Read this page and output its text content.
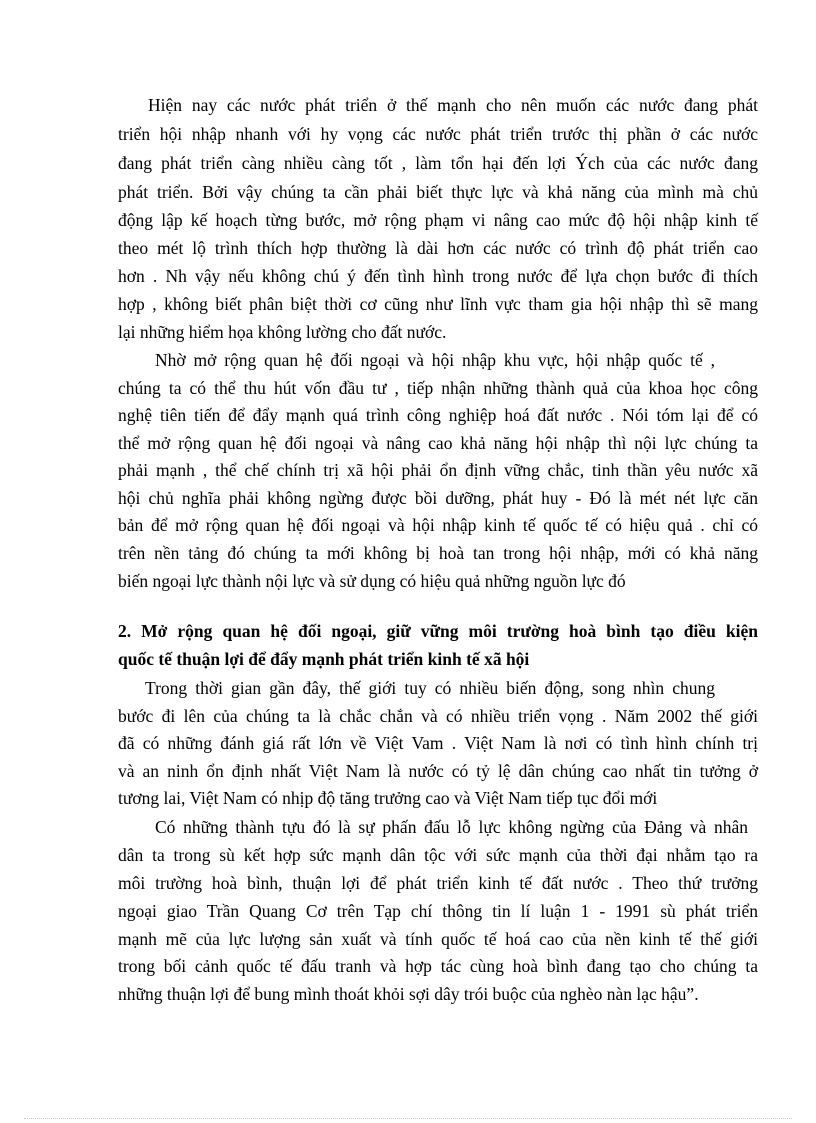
Hiện nay các nước phát triển ở thế mạnh cho nên muốn các nước đang phát
triển hội nhập nhanh với hy vọng các nước phát triển trước thị phần ở các nước
đang phát triển càng nhiều càng tốt , làm tổn hại đến lợi Ých của các nước đang
phát triển. Bởi vậy chúng ta cần phải biết thực lực và khả năng của mình mà chủ
động lập kế hoạch từng bước, mở rộng phạm vi nâng cao mức độ hội nhập kinh tế
theo mét lộ trình thích hợp thường là dài hơn các nước có trình độ phát triển cao
hơn . Nh vậy nếu không chú ý đến tình hình trong nước để lựa chọn bước đi thích
hợp , không biết phân biệt thời cơ cũng như lĩnh vực tham gia hội nhập thì sẽ mang
lại những hiểm họa không lường cho đất nước.
Nhờ mở rộng quan hệ đối ngoại và hội nhập khu vực, hội nhập quốc tế ,
chúng ta có thể thu hút vốn đầu tư , tiếp nhận những thành quả của khoa học công
nghệ tiên tiến để đẩy mạnh quá trình công nghiệp hoá đất nước . Nói tóm lại để có
thể mở rộng quan hệ đối ngoại và nâng cao khả năng hội nhập thì nội lực chúng ta
phải mạnh , thể chế chính trị xã hội phải ổn định vững chắc, tinh thần yêu nước xã
hội chủ nghĩa phải không ngừng được bồi dưỡng, phát huy - Đó là mét nét lực căn
bản để mở rộng quan hệ đối ngoại và hội nhập kinh tế quốc tế có hiệu quả . chỉ có
trên nền tảng đó chúng ta mới không bị hoà tan trong hội nhập, mới có khả năng
biến ngoại lực thành nội lực và sử dụng có hiệu quả những nguồn lực đó
2. Mở rộng quan hệ đối ngoại, giữ vững môi trường hoà bình tạo điều kiện
quốc tế thuận lợi để đẩy mạnh phát triển kinh tế xã hội
Trong thời gian gần đây, thế giới tuy có nhiều biến động, song nhìn chung
bước đi lên của chúng ta là chắc chắn và có nhiều triển vọng . Năm 2002 thế giới
đã có những đánh giá rất lớn về Việt Vam . Việt Nam là nơi có tình hình chính trị
và an ninh ổn định nhất Việt Nam là nước có tỷ lệ dân chúng cao nhất tin tưởng ở
tương lai, Việt Nam có nhịp độ tăng trưởng cao và Việt Nam tiếp tục đổi mới
Có những thành tựu đó là sự phấn đấu lỗ lực không ngừng của Đảng và nhân
dân ta trong sù kết hợp sức mạnh dân tộc với sức mạnh của thời đại nhằm tạo ra
môi trường hoà bình, thuận lợi để phát triển kinh tế đất nước . Theo thứ trưởng
ngoại giao Trần Quang Cơ trên Tạp chí thông tin lí luận 1 - 1991 sù phát triển
mạnh mẽ của lực lượng sản xuất và tính quốc tế hoá cao của nền kinh tế thế giới
trong bối cảnh quốc tế đấu tranh và hợp tác cùng hoà bình đang tạo cho chúng ta
những thuận lợi để bung mình thoát khỏi sợi dây trói buộc của nghèo nàn lạc hậu”.
